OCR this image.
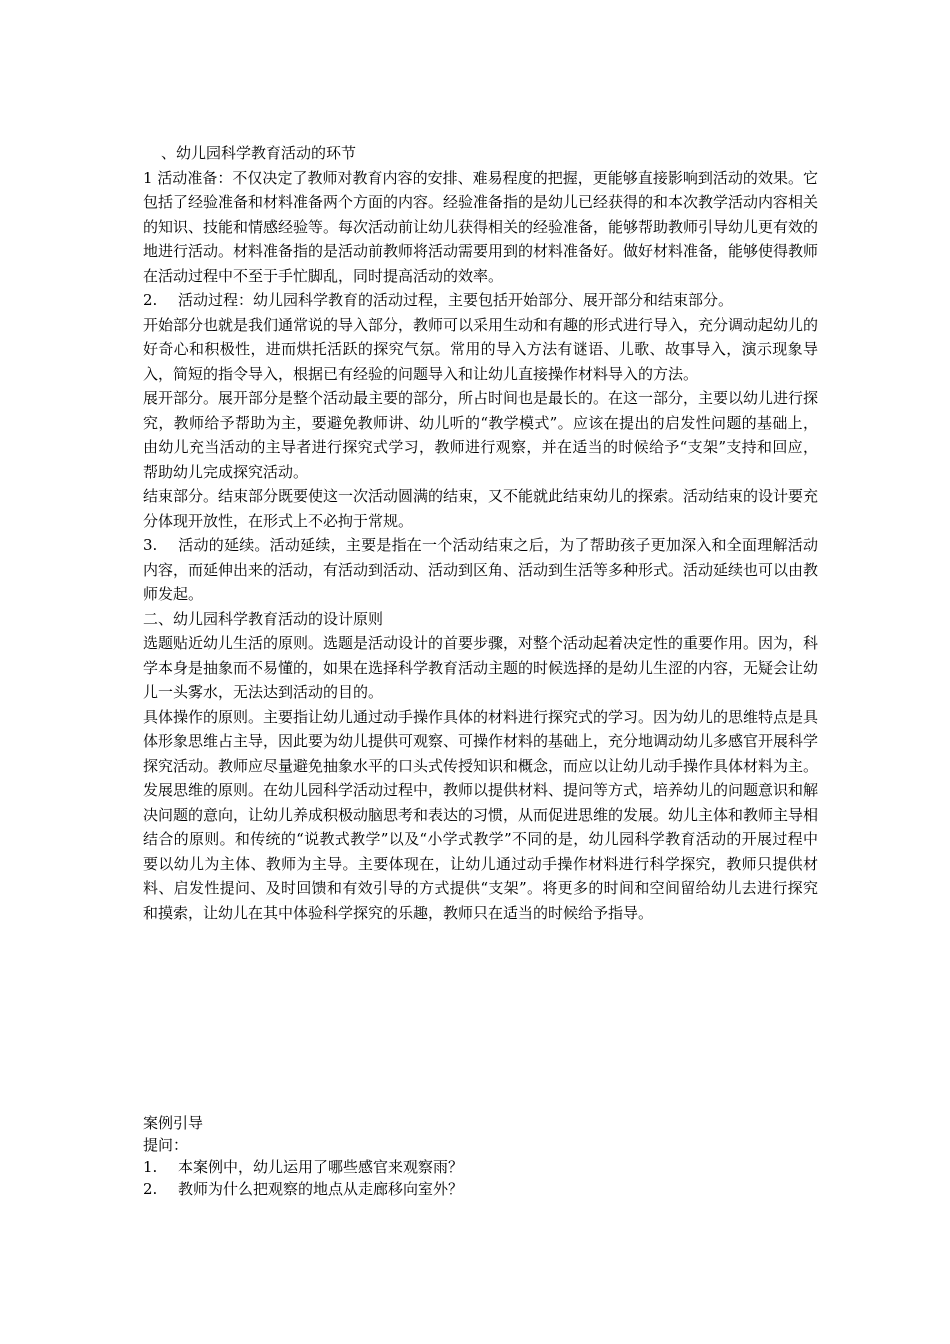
、幼儿园科学教育活动的环节

1 活动准备：不仅决定了教师对教育内容的安排、难易程度的把握，更能够直接影响到活动的效果。它包括了经验准备和材料准备两个方面的内容。经验准备指的是幼儿已经获得的和本次教学活动内容相关的知识、技能和情感经验等。每次活动前让幼儿获得相关的经验准备，能够帮助教师引导幼儿更有效的地进行活动。材料准备指的是活动前教师将活动需要用到的材料准备好。做好材料准备，能够使得教师在活动过程中不至于手忙脚乱，同时提高活动的效率。

2. 活动过程：幼儿园科学教育的活动过程，主要包括开始部分、展开部分和结束部分。

开始部分也就是我们通常说的导入部分，教师可以采用生动和有趣的形式进行导入，充分调动起幼儿的好奇心和积极性，进而烘托活跃的探究气氛。常用的导入方法有谜语、儿歌、故事导入，演示现象导入，简短的指令导入，根据已有经验的问题导入和让幼儿直接操作材料导入的方法。

展开部分。展开部分是整个活动最主要的部分，所占时间也是最长的。在这一部分，主要以幼儿进行探究，教师给予帮助为主，要避免教师讲、幼儿听的“教学模式”。应该在提出的启发性问题的基础上，由幼儿充当活动的主导者进行探究式学习，教师进行观察，并在适当的时候给予“支架”支持和回应，帮助幼儿完成探究活动。

结束部分。结束部分既要使这一次活动圆满的结束，又不能就此结束幼儿的探索。活动结束的设计要充分体现开放性，在形式上不必拘于常规。

3. 活动的延续。活动延续，主要是指在一个活动结束之后，为了帮助孩子更加深入和全面理解活动内容，而延伸出来的活动，有活动到活动、活动到区角、活动到生活等多种形式。活动延续也可以由教师发起。

二、幼儿园科学教育活动的设计原则

选题贴近幼儿生活的原则。选题是活动设计的首要步骤，对整个活动起着决定性的重要作用。因为，科学本身是抽象而不易懂的，如果在选择科学教育活动主题的时候选择的是幼儿生涩的内容，无疑会让幼儿一头雾水，无法达到活动的目的。

具体操作的原则。主要指让幼儿通过动手操作具体的材料进行探究式的学习。因为幼儿的思维特点是具体形象思维占主导，因此要为幼儿提供可观察、可操作材料的基础上，充分地调动幼儿多感官开展科学探究活动。教师应尽量避免抽象水平的口头式传授知识和概念，而应以让幼儿动手操作具体材料为主。

发展思维的原则。在幼儿园科学活动过程中，教师以提供材料、提问等方式，培养幼儿的问题意识和解决问题的意向，让幼儿养成积极动脑思考和表达的习惯，从而促进思维的发展。幼儿主体和教师主导相结合的原则。和传统的“说教式教学”以及“小学式教学”不同的是，幼儿园科学教育活动的开展过程中要以幼儿为主体、教师为主导。主要体现在，让幼儿通过动手操作材料进行科学探究，教师只提供材料、启发性提问、及时回馈和有效引导的方式提供“支架”。将更多的时间和空间留给幼儿去进行探究和摸索，让幼儿在其中体验科学探究的乐趣，教师只在适当的时候给予指导。

案例引导

提问：

1. 本案例中，幼儿运用了哪些感官来观察雨？

2. 教师为什么把观察的地点从走廊移向室外？
